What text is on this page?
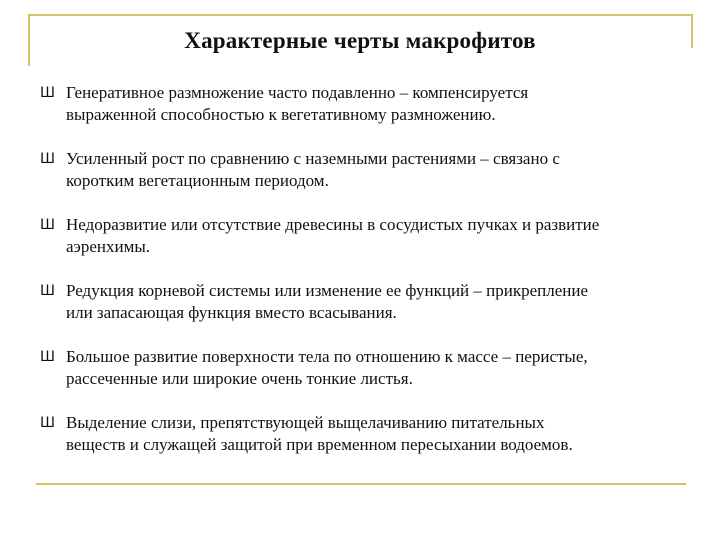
Характерные черты макрофитов
Ш Генеративное размножение часто подавленно – компенсируется
выраженной способностью к вегетативному размножению.
Ш Усиленный рост по сравнению с наземными растениями – связано с
коротким вегетационным периодом.
Ш Недоразвитие или отсутствие древесины в сосудистых пучках и развитие
аэренхимы.
Ш Редукция корневой системы или изменение ее функций – прикрепление
или запасающая функция вместо всасывания.
Ш Большое развитие поверхности тела по отношению к массе – перистые,
рассеченные или широкие очень тонкие листья.
Ш Выделение слизи, препятствующей выщелачиванию питательных
веществ и служащей защитой при временном пересыхании водоемов.
